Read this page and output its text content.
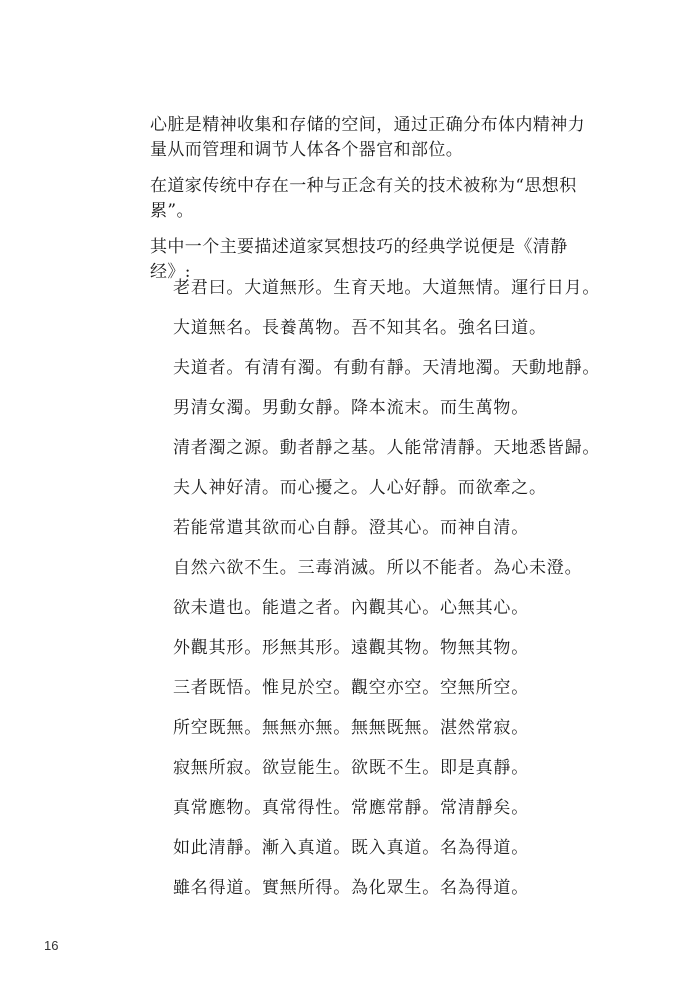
心脏是精神收集和存储的空间，通过正确分布体内精神力量从而管理和调节人体各个器官和部位。

在道家传统中存在一种与正念有关的技术被称为“思想积累”。

其中一个主要描述道家冥想技巧的经典学说便是《清静经》:

老君曰。大道無形。生育天地。大道無情。運行日月。

大道無名。長養萬物。吾不知其名。強名曰道。

夫道者。有清有濁。有動有靜。天清地濁。天動地靜。

男清女濁。男動女靜。降本流末。而生萬物。

清者濁之源。動者靜之基。人能常清靜。天地悉皆歸。

夫人神好清。而心擾之。人心好靜。而欲牽之。

若能常遣其欲而心自靜。澄其心。而神自清。

自然六欲不生。三毒消滅。所以不能者。為心未澄。

欲未遣也。能遣之者。內觀其心。心無其心。

外觀其形。形無其形。遠觀其物。物無其物。

三者既悟。惟見於空。觀空亦空。空無所空。

所空既無。無無亦無。無無既無。湛然常寂。

寂無所寂。欲豈能生。欲既不生。即是真靜。

真常應物。真常得性。常應常靜。常清靜矣。

如此清靜。漸入真道。既入真道。名為得道。

雖名得道。實無所得。為化眾生。名為得道。

16
